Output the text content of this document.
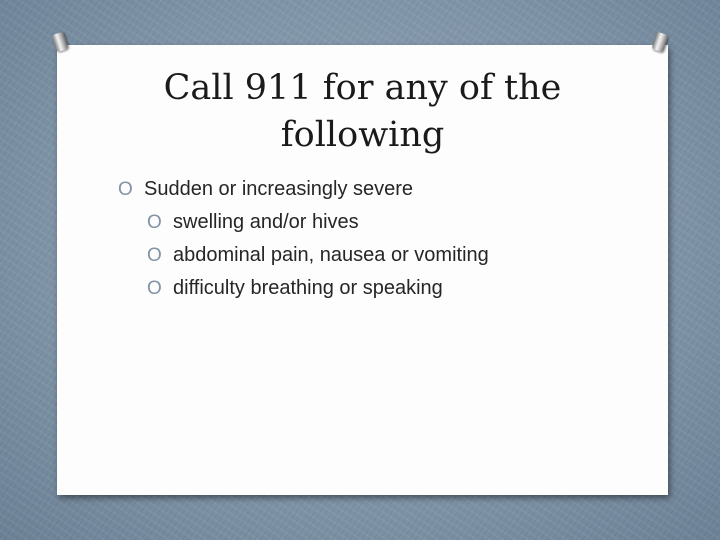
Call 911 for any of the
following
O Sudden or increasingly severe
O swelling and/or hives
O abdominal pain, nausea or vomiting
O difficulty breathing or speaking
